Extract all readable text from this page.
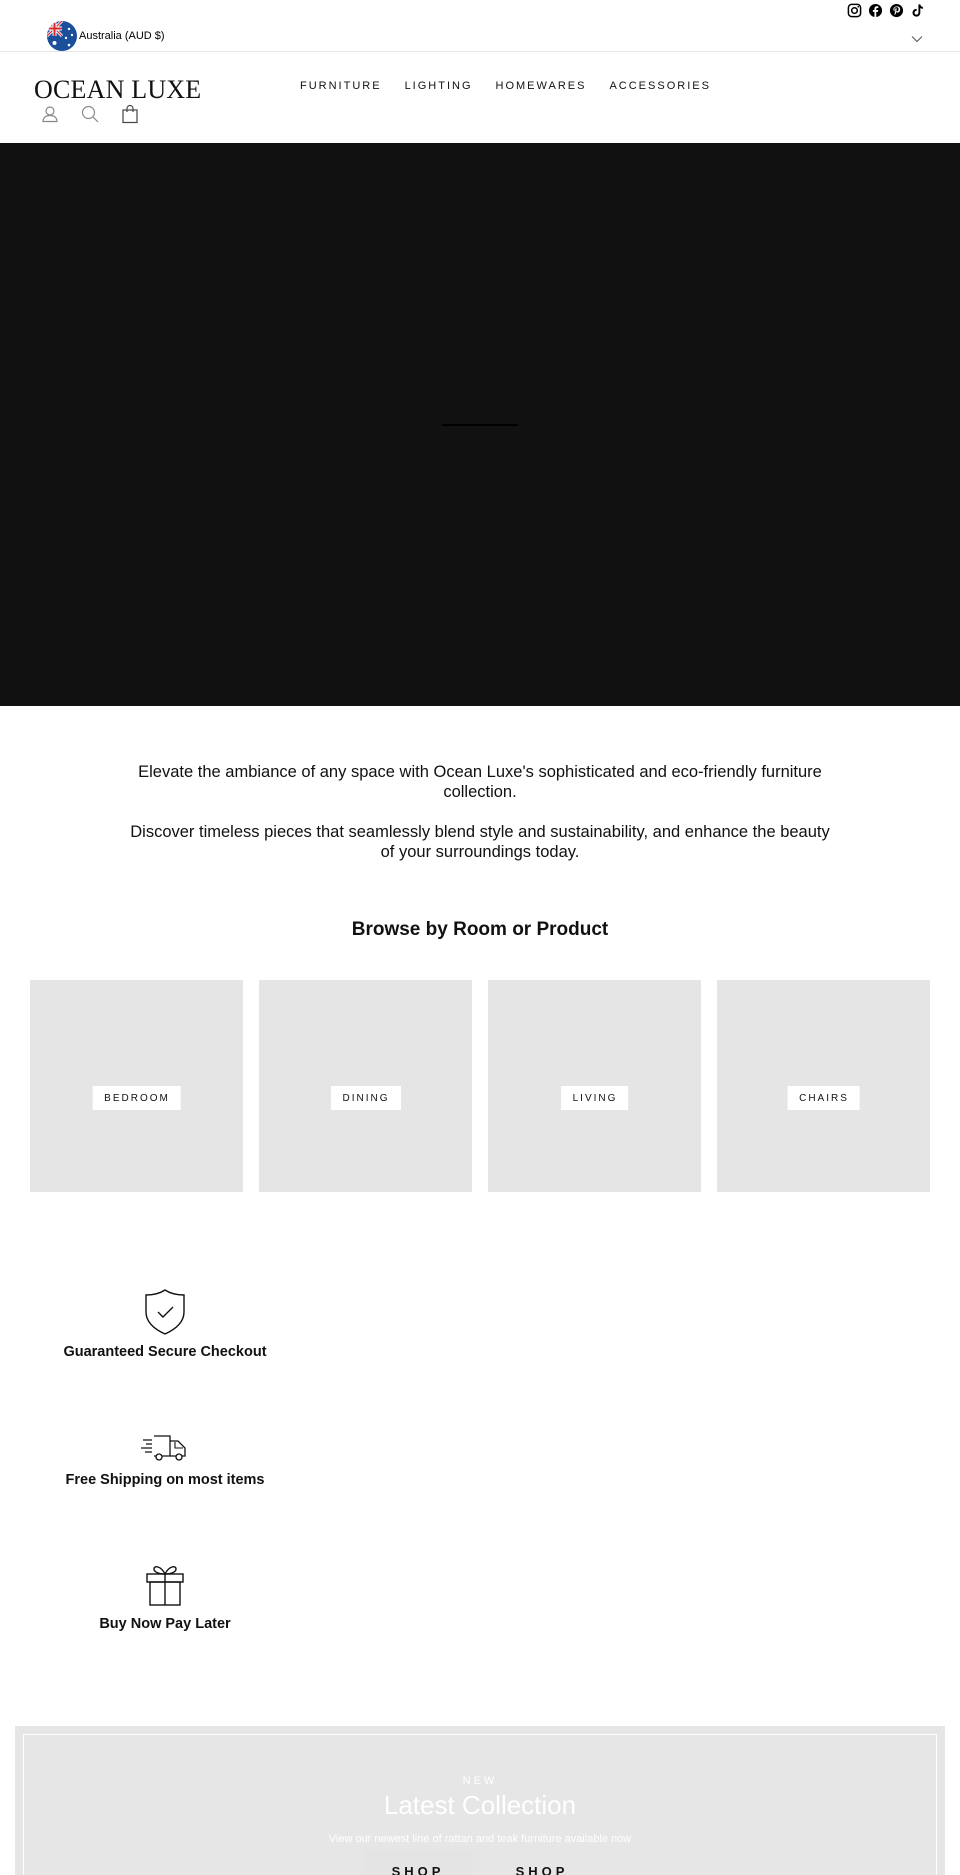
Australia (AUD $)
OCEAN LUXE	FURNITURE LIGHTING HOMEWARES ACCESSORIES

Elevate the ambiance of any space with Ocean Luxe's sophisticated and eco-friendly furniture collection.

Discover timeless pieces that seamlessly blend style and sustainability, and enhance the beauty of your surroundings today.

Browse by Room or Product
BEDROOM	DINING	LIVING	CHAIRS
Guaranteed Secure Checkout
Free Shipping on most items
Buy Now Pay Later
NEW
Latest Collection
View our newest line of rattan and teak furniture available now
SHOP	SHOP
